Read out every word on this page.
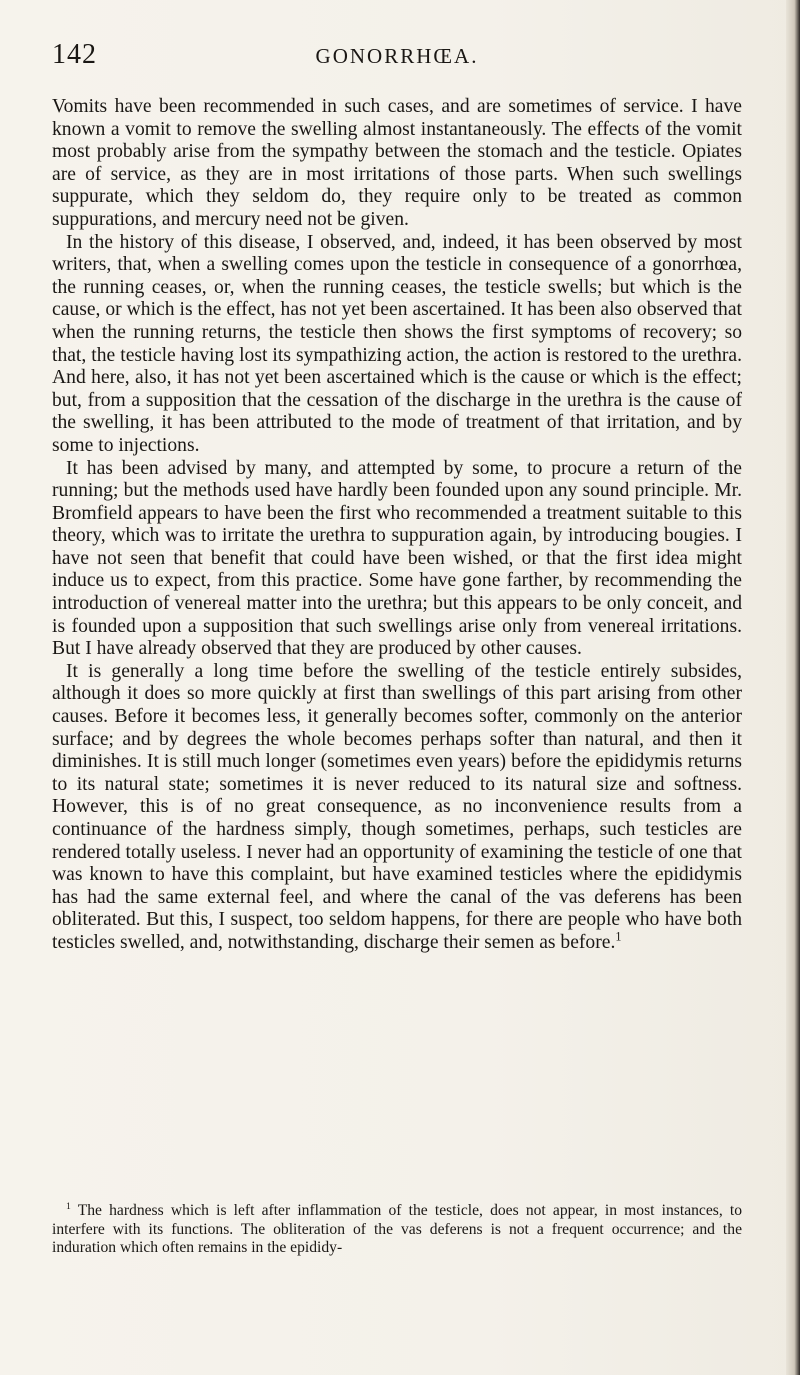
142	GONORRHŒA.

Vomits have been recommended in such cases, and are sometimes of service. I have known a vomit to remove the swelling almost instantaneously. The effects of the vomit most probably arise from the sympathy between the stomach and the testicle. Opiates are of service, as they are in most irritations of those parts. When such swellings suppurate, which they seldom do, they require only to be treated as common suppurations, and mercury need not be given.

In the history of this disease, I observed, and, indeed, it has been observed by most writers, that, when a swelling comes upon the testicle in consequence of a gonorrhœa, the running ceases, or, when the running ceases, the testicle swells; but which is the cause, or which is the effect, has not yet been ascertained. It has been also observed that when the running returns, the testicle then shows the first symptoms of recovery; so that, the testicle having lost its sympathizing action, the action is restored to the urethra. And here, also, it has not yet been ascertained which is the cause or which is the effect; but, from a supposition that the cessation of the discharge in the urethra is the cause of the swelling, it has been attributed to the mode of treatment of that irritation, and by some to injections.

It has been advised by many, and attempted by some, to procure a return of the running; but the methods used have hardly been founded upon any sound principle. Mr. Bromfield appears to have been the first who recommended a treatment suitable to this theory, which was to irritate the urethra to suppuration again, by introducing bougies. I have not seen that benefit that could have been wished, or that the first idea might induce us to expect, from this practice. Some have gone farther, by recommending the introduction of venereal matter into the urethra; but this appears to be only conceit, and is founded upon a supposition that such swellings arise only from venereal irritations. But I have already observed that they are produced by other causes.

It is generally a long time before the swelling of the testicle entirely subsides, although it does so more quickly at first than swellings of this part arising from other causes. Before it becomes less, it generally becomes softer, commonly on the anterior surface; and by degrees the whole becomes perhaps softer than natural, and then it diminishes. It is still much longer (sometimes even years) before the epididymis returns to its natural state; sometimes it is never reduced to its natural size and softness. However, this is of no great consequence, as no inconvenience results from a continuance of the hardness simply, though sometimes, perhaps, such testicles are rendered totally useless. I never had an opportunity of examining the testicle of one that was known to have this complaint, but have examined testicles where the epididymis has had the same external feel, and where the canal of the vas deferens has been obliterated. But this, I suspect, too seldom happens, for there are people who have both testicles swelled, and, notwithstanding, discharge their semen as before.$^1$

$^1$ The hardness which is left after inflammation of the testicle, does not appear, in most instances, to interfere with its functions. The obliteration of the vas deferens is not a frequent occurrence; and the induration which often remains in the epididy-
